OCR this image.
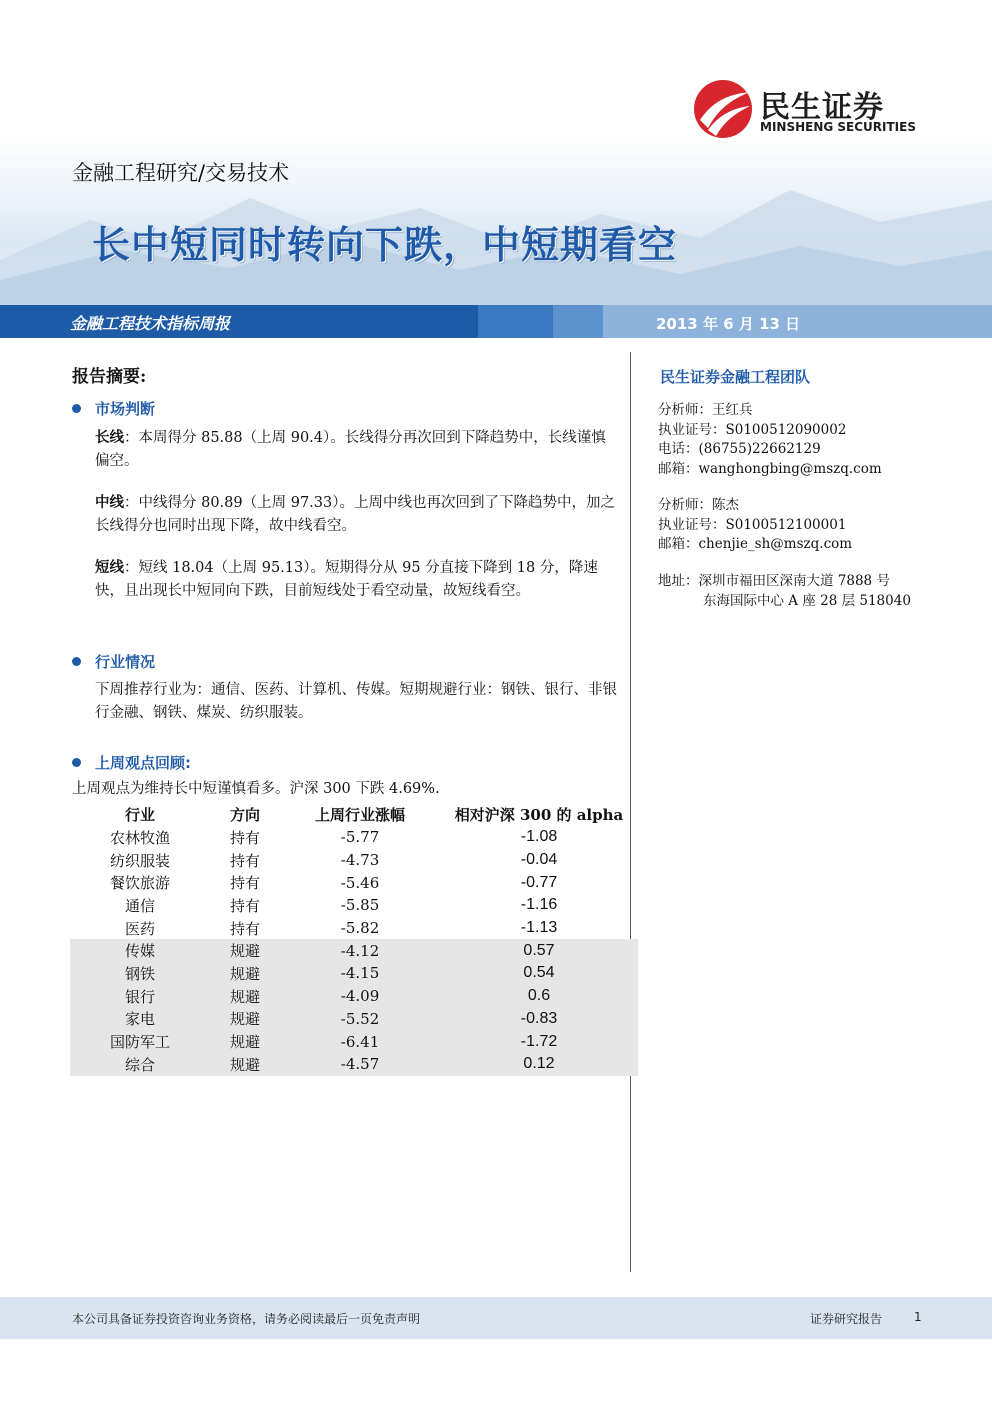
民生证券
MINSHENG SECURITIES
金融工程研究/交易技术
长中短同时转向下跌，中短期看空
金融工程技术指标周报	2013 年 6 月 13 日
报告摘要:
市场判断
长线：本周得分 85.88（上周 90.4）。长线得分再次回到下降趋势中，长线谨慎偏空。
中线：中线得分 80.89（上周 97.33）。上周中线也再次回到了下降趋势中，加之长线得分也同时出现下降，故中线看空。
短线：短线 18.04（上周 95.13）。短期得分从 95 分直接下降到 18 分，降速快，且出现长中短同向下跌，目前短线处于看空动量，故短线看空。
行业情况
下周推荐行业为：通信、医药、计算机、传媒。短期规避行业：钢铁、银行、非银行金融、钢铁、煤炭、纺织服装。
上周观点回顾:
上周观点为维持长中短谨慎看多。沪深 300 下跌 4.69%.
行业	方向	上周行业涨幅	相对沪深 300 的 alpha
农林牧渔	持有	-5.77	-1.08
纺织服装	持有	-4.73	-0.04
餐饮旅游	持有	-5.46	-0.77
通信	持有	-5.85	-1.16
医药	持有	-5.82	-1.13
传媒	规避	-4.12	0.57
钢铁	规避	-4.15	0.54
银行	规避	-4.09	0.6
家电	规避	-5.52	-0.83
国防军工	规避	-6.41	-1.72
综合	规避	-4.57	0.12
民生证券金融工程团队
分析师：王红兵
执业证号：S0100512090002
电话：(86755)22662129
邮箱：wanghongbing@mszq.com
分析师：陈杰
执业证号：S0100512100001
邮箱：chenjie_sh@mszq.com
地址：深圳市福田区深南大道 7888 号
东海国际中心 A 座 28 层 518040
本公司具备证券投资咨询业务资格，请务必阅读最后一页免责声明	证券研究报告	1
